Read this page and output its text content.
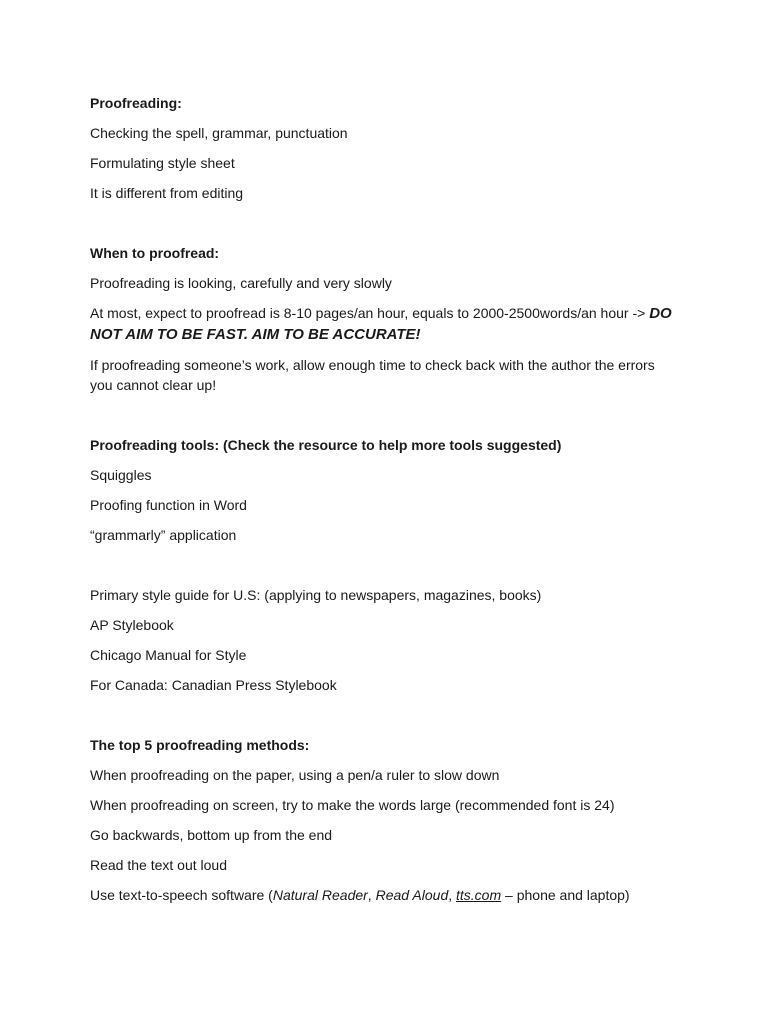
Proofreading:

Checking the spell, grammar, punctuation

Formulating style sheet

It is different from editing

When to proofread:

Proofreading is looking, carefully and very slowly

At most, expect to proofread is 8-10 pages/an hour, equals to 2000-2500words/an hour -> DO NOT AIM TO BE FAST. AIM TO BE ACCURATE!

If proofreading someone’s work, allow enough time to check back with the author the errors you cannot clear up!

Proofreading tools: (Check the resource to help more tools suggested)

Squiggles

Proofing function in Word

“grammarly” application

Primary style guide for U.S: (applying to newspapers, magazines, books)

AP Stylebook

Chicago Manual for Style

For Canada: Canadian Press Stylebook

The top 5 proofreading methods:

When proofreading on the paper, using a pen/a ruler to slow down

When proofreading on screen, try to make the words large (recommended font is 24)

Go backwards, bottom up from the end

Read the text out loud

Use text-to-speech software (Natural Reader, Read Aloud, tts.com – phone and laptop)
